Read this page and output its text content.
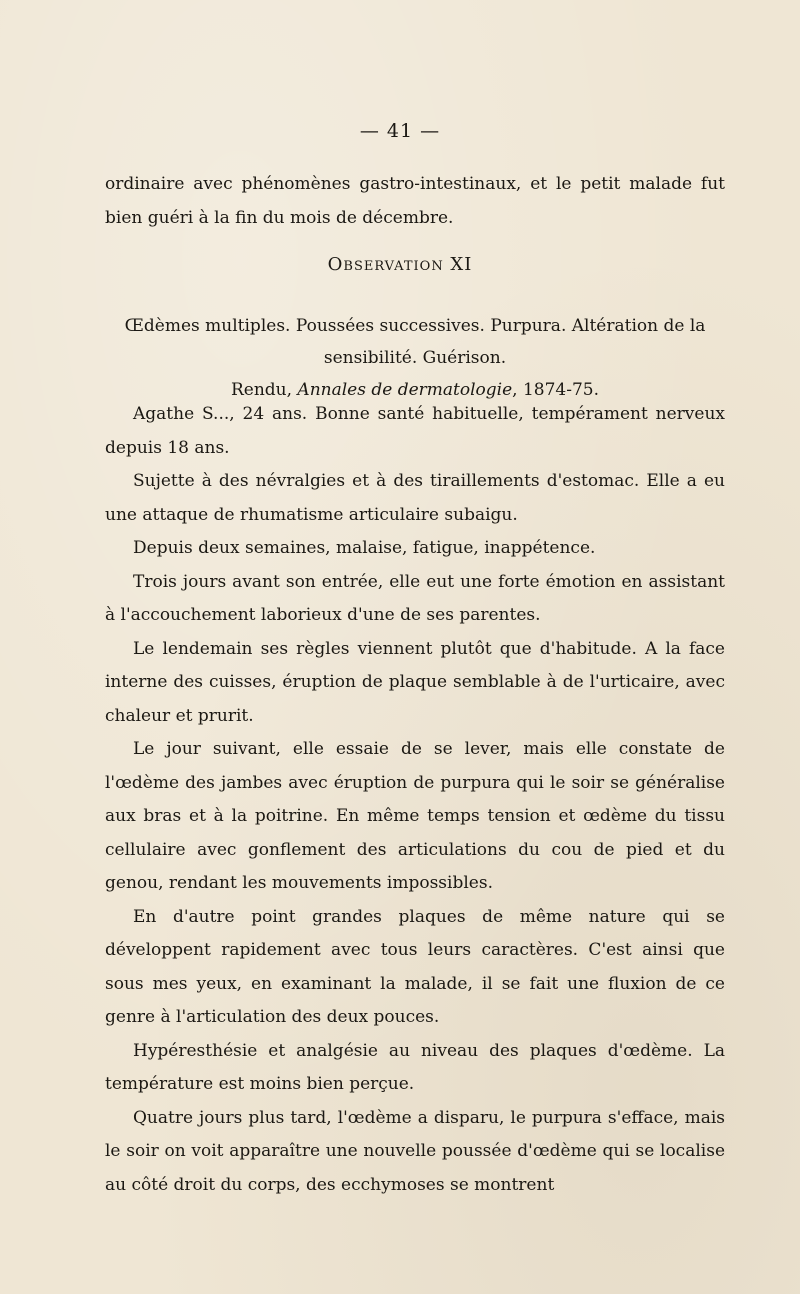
— 41 —

ordinaire avec phénomènes gastro-intestinaux, et le petit malade fut bien guéri à la fin du mois de décembre.

Observation XI
Œdèmes multiples. Poussées successives. Purpura. Altération de la sensibilité. Guérison.
Rendu, Annales de dermatologie, 1874-75.

Agathe S..., 24 ans. Bonne santé habituelle, tempérament nerveux depuis 18 ans.

Sujette à des névralgies et à des tiraillements d'estomac. Elle a eu une attaque de rhumatisme articulaire subaigu.

Depuis deux semaines, malaise, fatigue, inappétence.

Trois jours avant son entrée, elle eut une forte émotion en assistant à l'accouchement laborieux d'une de ses parentes.

Le lendemain ses règles viennent plutôt que d'habitude. A la face interne des cuisses, éruption de plaque semblable à de l'urticaire, avec chaleur et prurit.

Le jour suivant, elle essaie de se lever, mais elle constate de l'œdème des jambes avec éruption de purpura qui le soir se généralise aux bras et à la poitrine. En même temps tension et œdème du tissu cellulaire avec gonflement des articulations du cou de pied et du genou, rendant les mouvements impossibles.

En d'autre point grandes plaques de même nature qui se développent rapidement avec tous leurs caractères. C'est ainsi que sous mes yeux, en examinant la malade, il se fait une fluxion de ce genre à l'articulation des deux pouces.

Hypéresthésie et analgésie au niveau des plaques d'œdème. La température est moins bien perçue.

Quatre jours plus tard, l'œdème a disparu, le purpura s'efface, mais le soir on voit apparaître une nouvelle poussée d'œdème qui se localise au côté droit du corps, des ecchymoses se montrent
